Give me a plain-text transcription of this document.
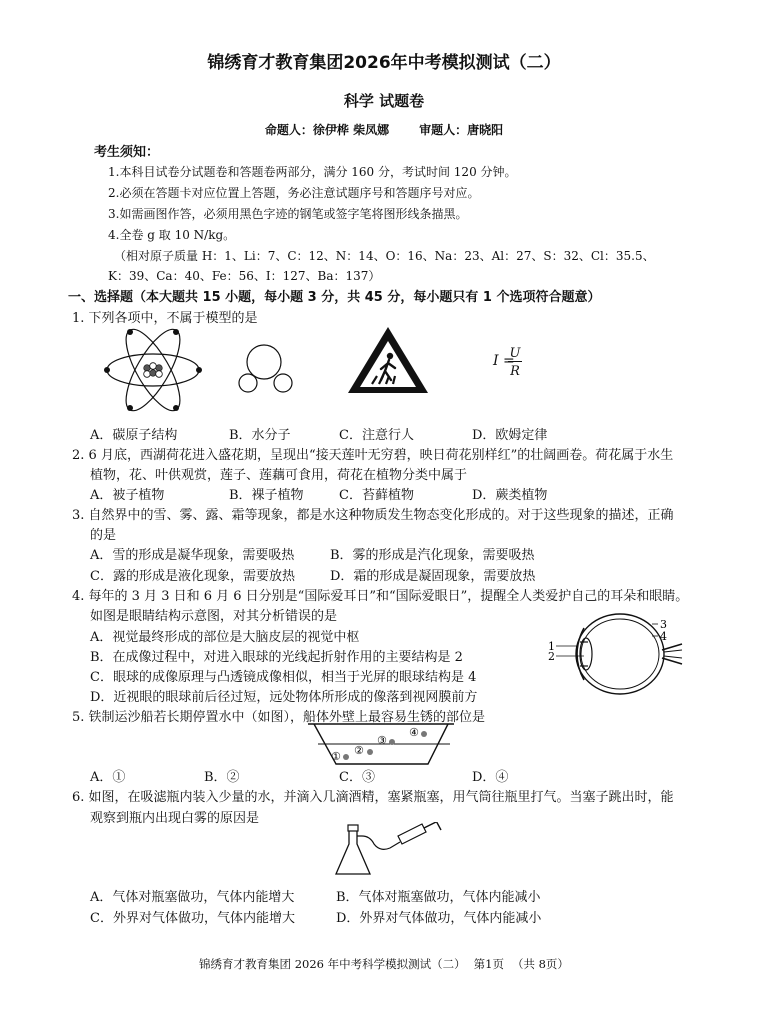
锦绣育才教育集团2026年中考模拟测试（二）
科学 试题卷
命题人：徐伊桦 柴凤娜	审题人：唐晓阳
考生须知：
1.本科目试卷分试题卷和答题卷两部分，满分 160 分，考试时间 120 分钟。
2.必须在答题卡对应位置上答题，务必注意试题序号和答题序号对应。
3.如需画图作答，必须用黑色字迹的钢笔或签字笔将图形线条描黑。
4.全卷 g 取 10 N/kg。
（相对原子质量 H：1、Li：7、C：12、N：14、O：16、Na：23、Al：27、S：32、Cl：35.5、
K：39、Ca：40、Fe：56、I：127、Ba：137）
一、选择题（本大题共 15 小题，每小题 3 分，共 45 分，每小题只有 1 个选项符合题意）
1. 下列各项中，不属于模型的是
I =
U
R
A．碳原子结构	B．水分子	C．注意行人	D．欧姆定律
2. 6 月底，西湖荷花进入盛花期，呈现出“接天莲叶无穷碧，映日荷花别样红”的壮阔画卷。荷花属于水生
植物，花、叶供观赏，莲子、莲藕可食用，荷花在植物分类中属于
A．被子植物	B．裸子植物	C．苔藓植物	D．蕨类植物
3. 自然界中的雪、雾、露、霜等现象，都是水这种物质发生物态变化形成的。对于这些现象的描述，正确
的是
A．雪的形成是凝华现象，需要吸热	B．雾的形成是汽化现象，需要吸热
C．露的形成是液化现象，需要放热	D．霜的形成是凝固现象，需要放热
4. 每年的 3 月 3 日和 6 月 6 日分别是“国际爱耳日”和“国际爱眼日”，提醒全人类爱护自己的耳朵和眼睛。
如图是眼睛结构示意图，对其分析错误的是
A．视觉最终形成的部位是大脑皮层的视觉中枢
B．在成像过程中，对进入眼球的光线起折射作用的主要结构是 2
C．眼球的成像原理与凸透镜成像相似，相当于光屏的眼球结构是 4
D．近视眼的眼球前后径过短，远处物体所形成的像落到视网膜前方
1
2
3
4
5. 铁制运沙船若长期停置水中（如图），船体外壁上最容易生锈的部位是
① ②
③
④
A．①	B．②	C．③	D．④
6. 如图，在吸滤瓶内装入少量的水，并滴入几滴酒精，塞紧瓶塞，用气筒往瓶里打气。当塞子跳出时，能
观察到瓶内出现白雾的原因是
A．气体对瓶塞做功，气体内能增大	B．气体对瓶塞做功，气体内能减小
C．外界对气体做功，气体内能增大	D．外界对气体做功，气体内能减小
锦绣育才教育集团 2026 年中考科学模拟测试（二） 第1页 （共 8页）
